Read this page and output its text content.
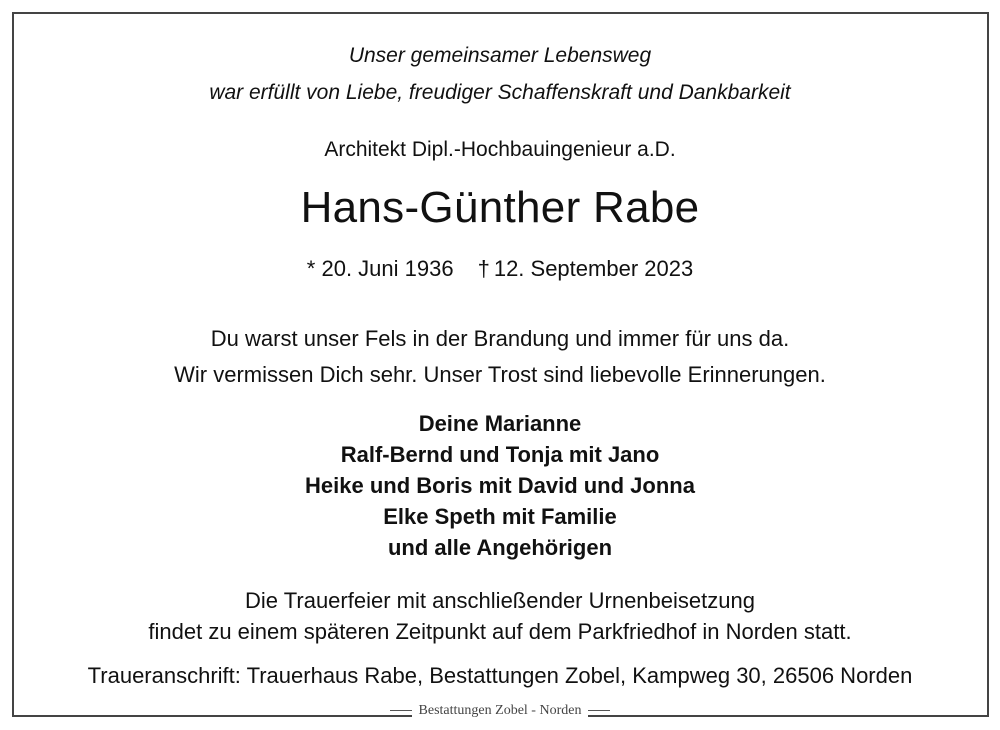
Unser gemeinsamer Lebensweg
war erfüllt von Liebe, freudiger Schaffenskraft und Dankbarkeit
Architekt Dipl.-Hochbauingenieur a.D.
Hans-Günther Rabe
* 20. Juni 1936 † 12. September 2023
Du warst unser Fels in der Brandung und immer für uns da.
Wir vermissen Dich sehr. Unser Trost sind liebevolle Erinnerungen.
Deine Marianne
Ralf-Bernd und Tonja mit Jano
Heike und Boris mit David und Jonna
Elke Speth mit Familie
und alle Angehörigen
Die Trauerfeier mit anschließender Urnenbeisetzung
findet zu einem späteren Zeitpunkt auf dem Parkfriedhof in Norden statt.
Traueranschrift: Trauerhaus Rabe, Bestattungen Zobel, Kampweg 30, 26506 Norden
Bestattungen Zobel - Norden
